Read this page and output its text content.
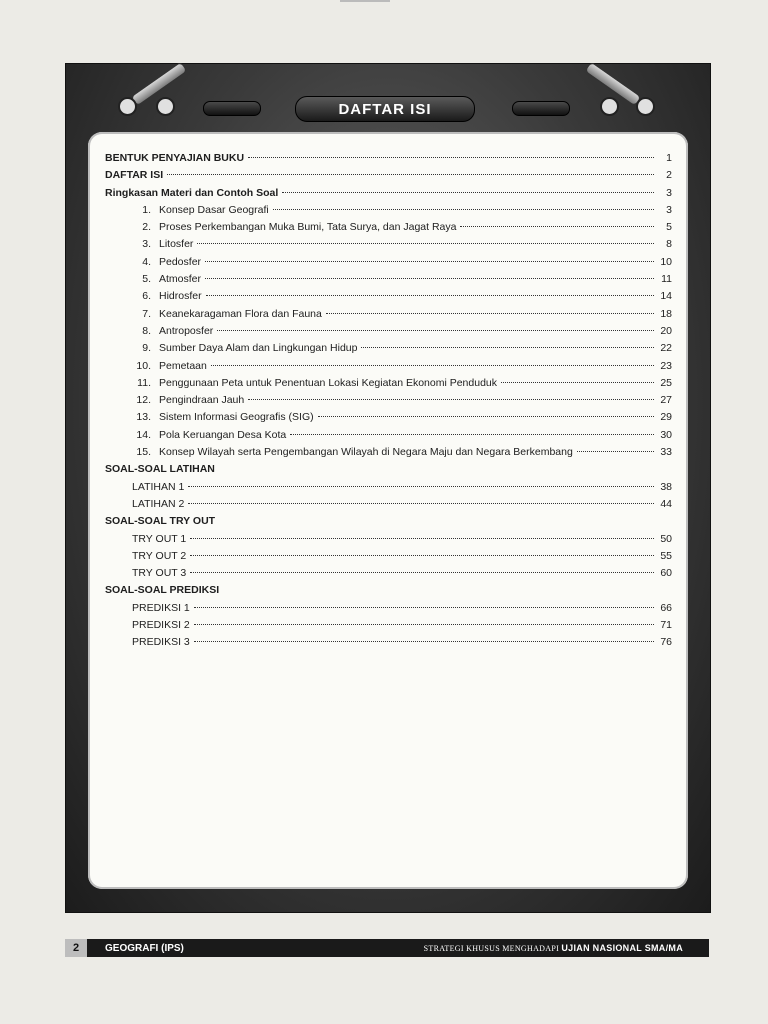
DAFTAR ISI
BENTUK PENYAJIAN BUKU	1
DAFTAR ISI	2
Ringkasan Materi dan Contoh Soal	3
1. Konsep Dasar Geografi	3
2. Proses Perkembangan Muka Bumi, Tata Surya, dan Jagat Raya	5
3. Litosfer	8
4. Pedosfer	10
5. Atmosfer	11
6. Hidrosfer	14
7. Keanekaragaman Flora dan Fauna	18
8. Antroposfer	20
9. Sumber Daya Alam dan Lingkungan Hidup	22
10. Pemetaan	23
11. Penggunaan Peta untuk Penentuan Lokasi Kegiatan Ekonomi Penduduk	25
12. Pengindraan Jauh	27
13. Sistem Informasi Geografis (SIG)	29
14. Pola Keruangan Desa Kota	30
15. Konsep Wilayah serta Pengembangan Wilayah di Negara Maju dan Negara Berkembang	33
SOAL-SOAL LATIHAN
LATIHAN 1	38
LATIHAN 2	44
SOAL-SOAL TRY OUT
TRY OUT 1	50
TRY OUT 2	55
TRY OUT 3	60
SOAL-SOAL PREDIKSI
PREDIKSI 1	66
PREDIKSI 2	71
PREDIKSI 3	76
2	GEOGRAFI (IPS)	STRATEGI KHUSUS MENGHADAPI UJIAN NASIONAL SMA/MA
